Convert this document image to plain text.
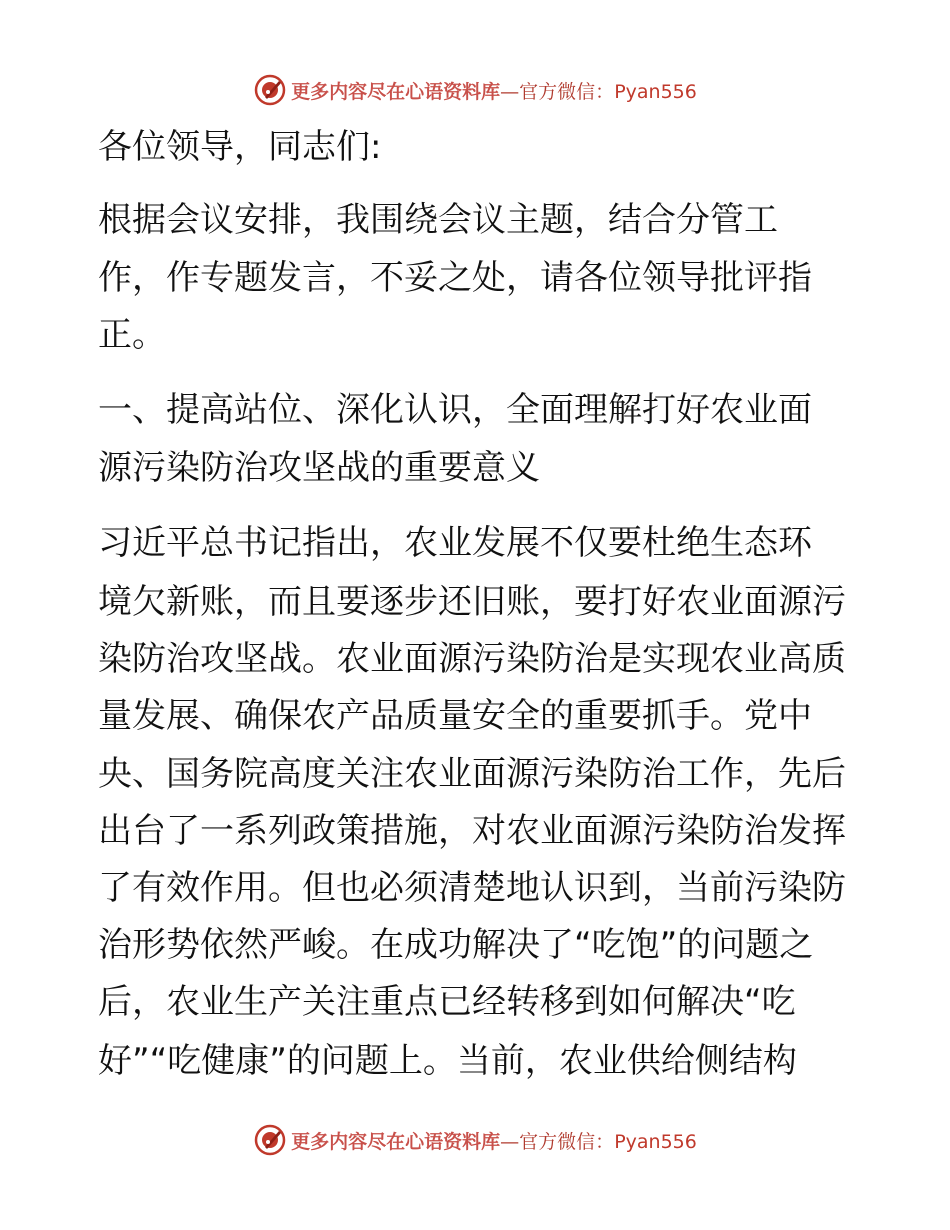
更多内容尽在心语资料库—官方微信：Pyan556
各位领导，同志们:
根据会议安排，我围绕会议主题，结合分管工
作，作专题发言，不妥之处，请各位领导批评指
正。
一、提高站位、深化认识，全面理解打好农业面
源污染防治攻坚战的重要意义
习近平总书记指出，农业发展不仅要杜绝生态环
境欠新账，而且要逐步还旧账，要打好农业面源污
染防治攻坚战。农业面源污染防治是实现农业高质
量发展、确保农产品质量安全的重要抓手。党中
央、国务院高度关注农业面源污染防治工作，先后
出台了一系列政策措施，对农业面源污染防治发挥
了有效作用。但也必须清楚地认识到，当前污染防
治形势依然严峻。在成功解决了“吃饱”的问题之
后，农业生产关注重点已经转移到如何解决“吃
好”“吃健康”的问题上。当前，农业供给侧结构
更多内容尽在心语资料库—官方微信：Pyan556
